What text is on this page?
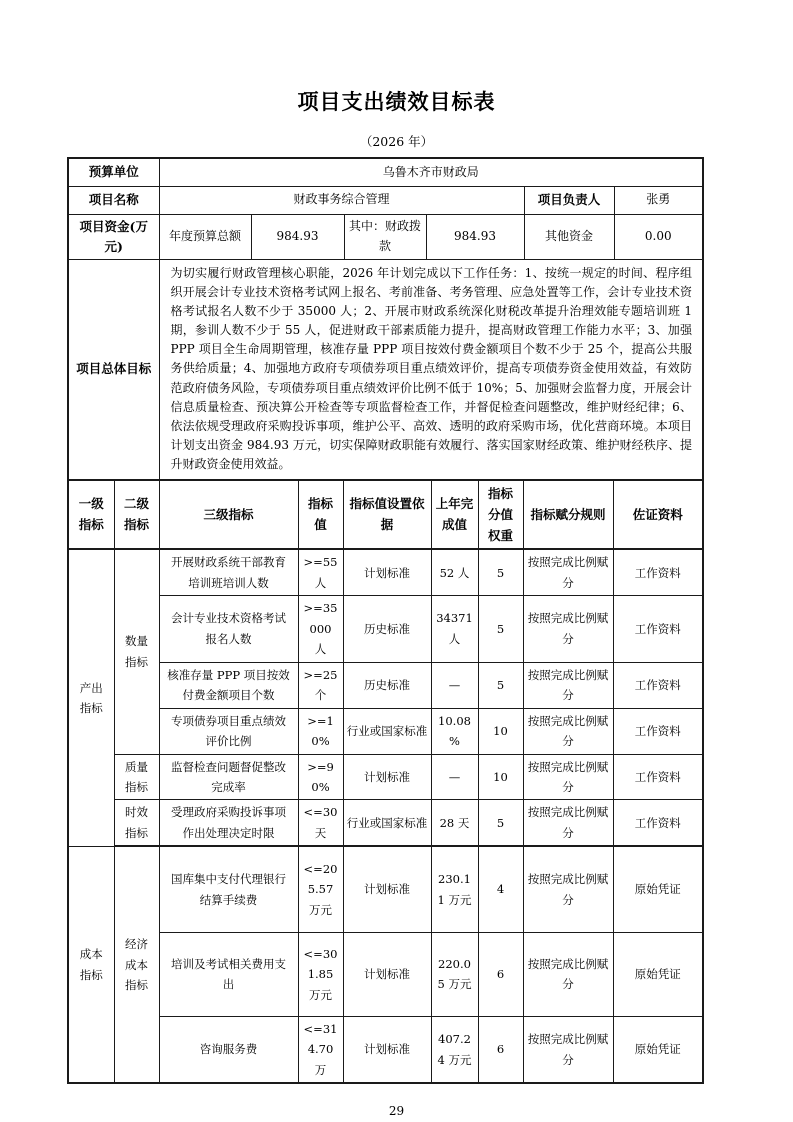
项目支出绩效目标表
（2026 年）
预算单位	乌鲁木齐市财政局					
项目名称	财政事务综合管理				项目负责人	张勇
项目资金(万元)	年度预算总额	984.93	其中：财政拨款	984.93	其他资金	0.00
项目总体目标	为切实履行财政管理核心职能，2026 年计划完成以下工作任务：1、按统一规定的时间、程序组织开展会计专业技术资格考试网上报名、考前准备、考务管理、应急处置等工作，会计专业技术资格考试报名人数不少于 35000 人；2、开展市财政系统深化财税改革提升治理效能专题培训班 1 期，参训人数不少于 55 人，促进财政干部素质能力提升，提高财政管理工作能力水平；3、加强 PPP 项目全生命周期管理，核准存量 PPP 项目按效付费金额项目个数不少于 25 个，提高公共服务供给质量；4、加强地方政府专项债券项目重点绩效评价，提高专项债券资金使用效益，有效防范政府债务风险，专项债券项目重点绩效评价比例不低于 10%；5、加强财会监督力度，开展会计信息质量检查、预决算公开检查等专项监督检查工作，并督促检查问题整改，维护财经纪律；6、依法依规受理政府采购投诉事项，维护公平、高效、透明的政府采购市场，优化营商环境。本项目计划支出资金 984.93 万元，切实保障财政职能有效履行、落实国家财经政策、维护财经秩序、提升财政资金使用效益。					
一级指标	二级指标	三级指标	指标值	指标值设置依据	上年完成值	指标分值权重	指标赋分规则	佐证资料
产出指标	数量指标	开展财政系统干部教育培训班培训人数	>=55 人	计划标准	52 人	5	按照完成比例赋分	工作资料
		会计专业技术资格考试报名人数	>=35000 人	历史标准	34371 人	5	按照完成比例赋分	工作资料
		核准存量 PPP 项目按效付费金额项目个数	>=25 个	历史标准	—	5	按照完成比例赋分	工作资料
		专项债券项目重点绩效评价比例	>=10%	行业或国家标准	10.08 %	10	按照完成比例赋分	工作资料
	质量指标	监督检查问题督促整改完成率	>=90%	计划标准	—	10	按照完成比例赋分	工作资料
	时效指标	受理政府采购投诉事项作出处理决定时限	<=30 天	行业或国家标准	28 天	5	按照完成比例赋分	工作资料
成本指标	经济成本指标	国库集中支付代理银行结算手续费	<=205.57 万元	计划标准	230.11 万元	4	按照完成比例赋分	原始凭证
		培训及考试相关费用支出	<=301.85 万元	计划标准	220.05 万元	6	按照完成比例赋分	原始凭证
		咨询服务费	<=314.70 万	计划标准	407.24 万元	6	按照完成比例赋分	原始凭证
29
